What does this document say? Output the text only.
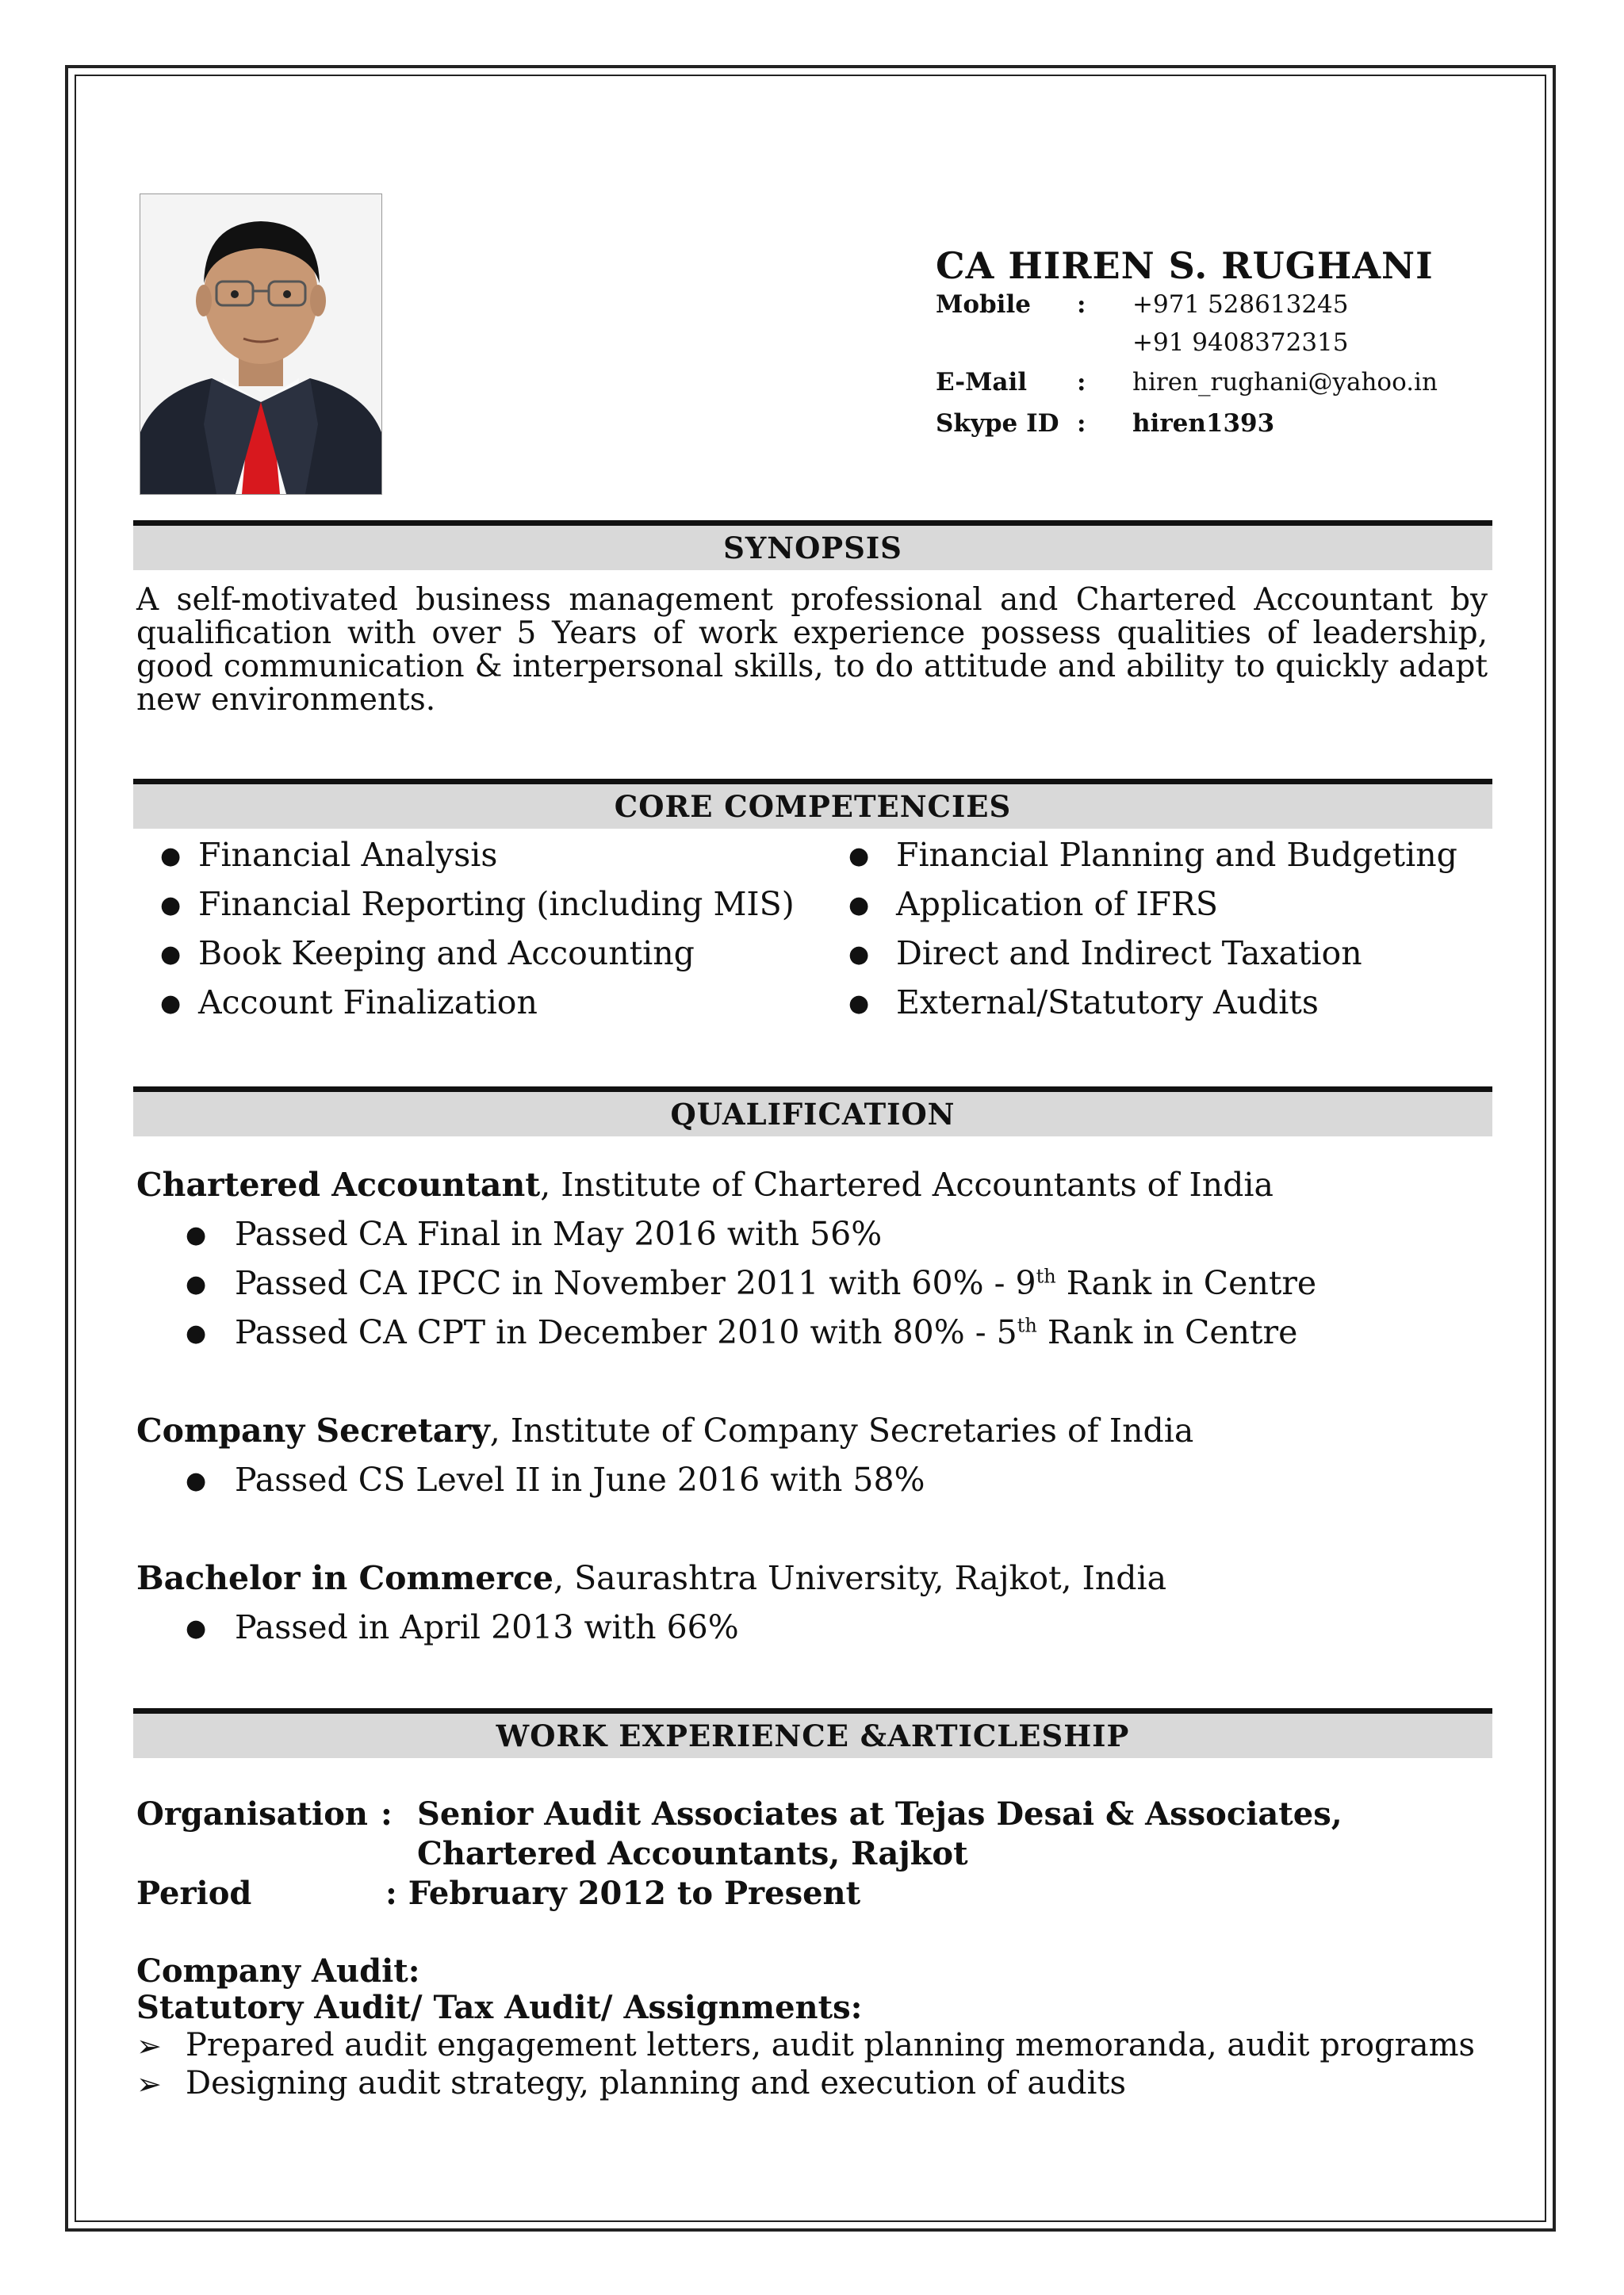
CA HIREN S. RUGHANI
Mobile : +971 528613245
+91 9408372315
E-Mail : hiren_rughani@yahoo.in
Skype ID : hiren1393
SYNOPSIS
A self-motivated business management professional and Chartered Accountant by qualification with over 5 Years of work experience possess qualities of leadership, good communication & interpersonal skills, to do attitude and ability to quickly adapt new environments.
CORE COMPETENCIES
● Financial Analysis
● Financial Reporting (including MIS)
● Book Keeping and Accounting
● Account Finalization
● Financial Planning and Budgeting
● Application of IFRS
● Direct and Indirect Taxation
● External/Statutory Audits
QUALIFICATION
Chartered Accountant, Institute of Chartered Accountants of India
● Passed CA Final in May 2016 with 56%
● Passed CA IPCC in November 2011 with 60% - 9th Rank in Centre
● Passed CA CPT in December 2010 with 80% - 5th Rank in Centre
Company Secretary, Institute of Company Secretaries of India
● Passed CS Level II in June 2016 with 58%
Bachelor in Commerce, Saurashtra University, Rajkot, India
● Passed in April 2013 with 66%
WORK EXPERIENCE &ARTICLESHIP
Organisation : Senior Audit Associates at Tejas Desai & Associates,
Chartered Accountants, Rajkot
Period	: February 2012 to Present
Company Audit:
Statutory Audit/ Tax Audit/ Assignments:
➢ Prepared audit engagement letters, audit planning memoranda, audit programs
➢ Designing audit strategy, planning and execution of audits
